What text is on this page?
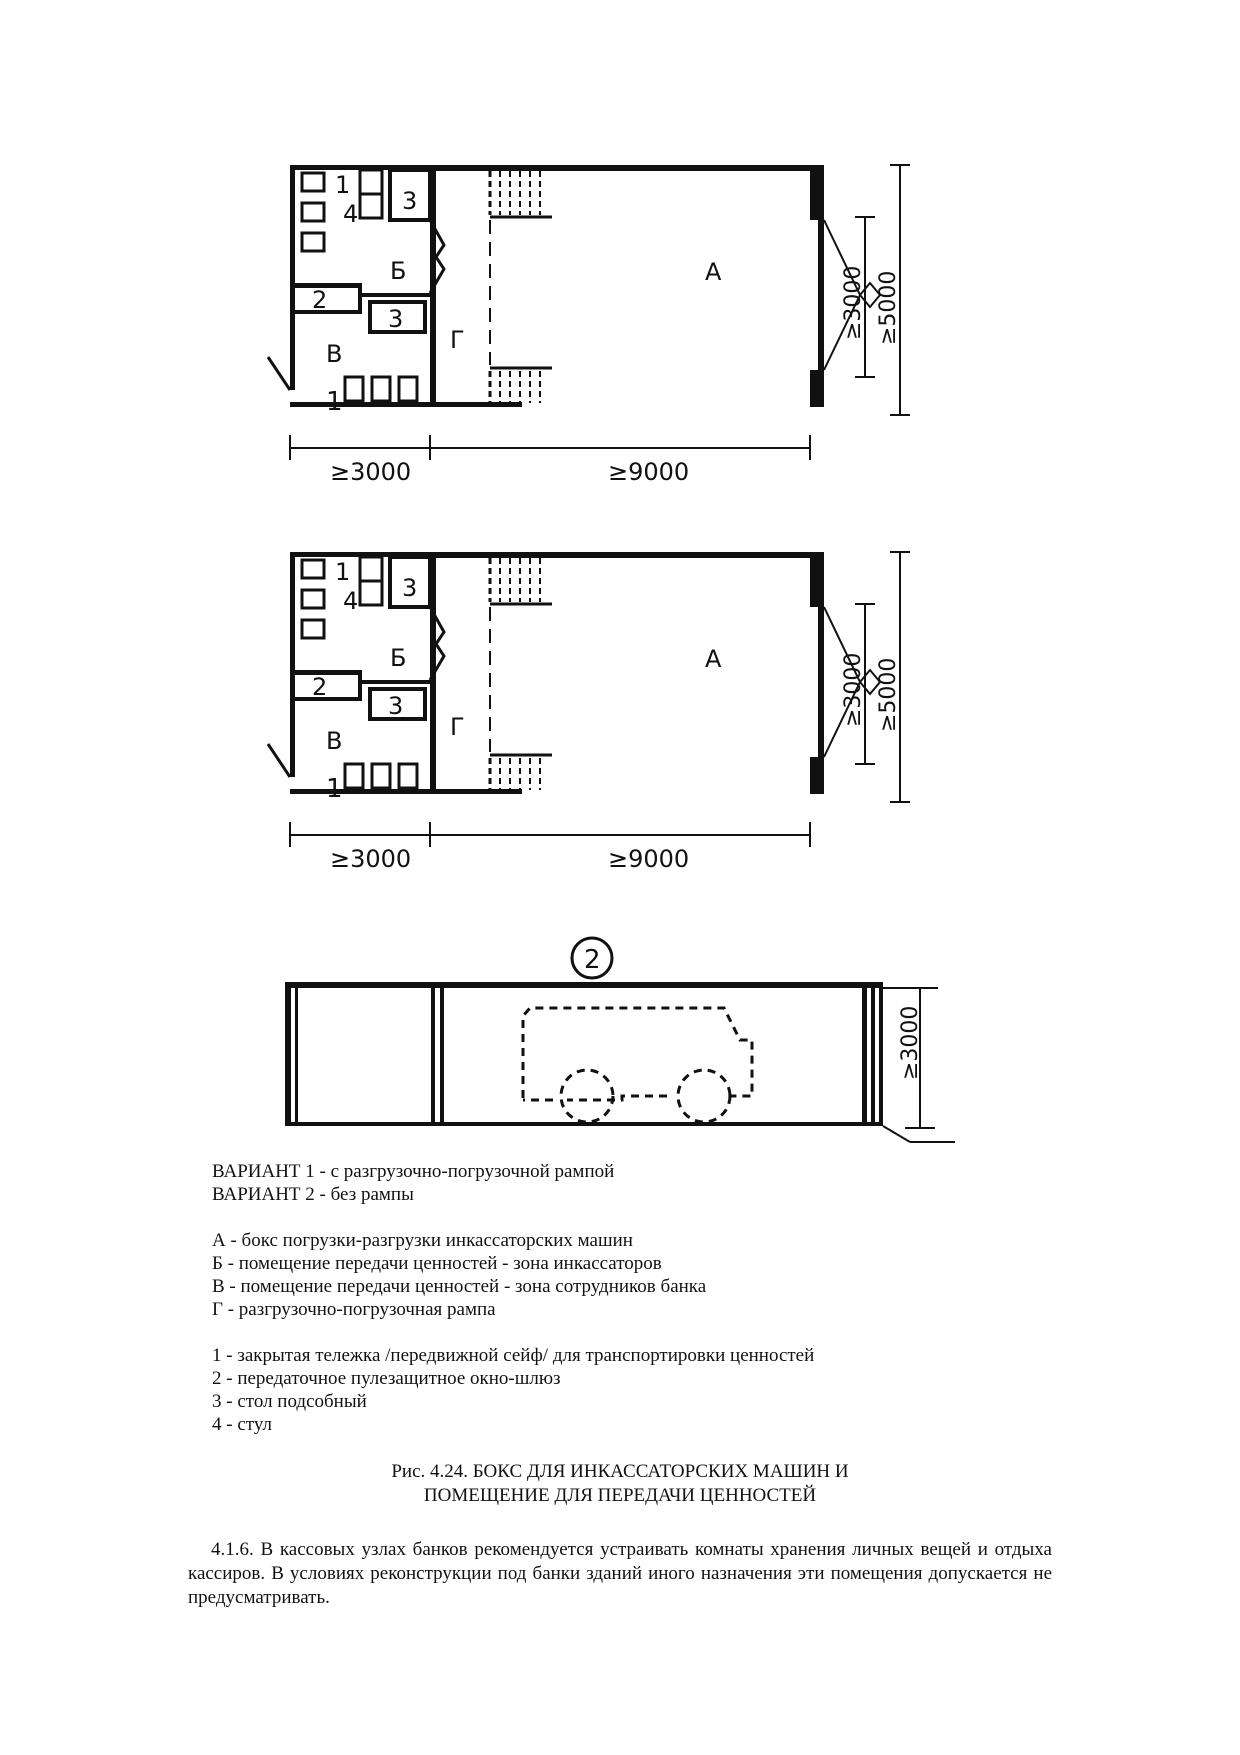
1
4 3
Б
2
3
В
1
Г
А
≥3000	≥9000
≥3000 ≥5000
1
4 3
Б
2
3
В
1
Г
А
≥3000	≥9000
≥3000 ≥5000
2
≥3000
ВАРИАНТ 1 - с разгрузочно-погрузочной рампой
ВАРИАНТ 2 - без рампы
А - бокс погрузки-разгрузки инкассаторских машин
Б - помещение передачи ценностей - зона инкассаторов
В - помещение передачи ценностей - зона сотрудников банка
Г - разгрузочно-погрузочная рампа
1 - закрытая тележка /передвижной сейф/ для транспортировки ценностей
2 - передаточное пулезащитное окно-шлюз
3 - стол подсобный
4 - стул
Рис. 4.24. БОКС ДЛЯ ИНКАССАТОРСКИХ МАШИН И
ПОМЕЩЕНИЕ ДЛЯ ПЕРЕДАЧИ ЦЕННОСТЕЙ
4.1.6. В кассовых узлах банков рекомендуется устраивать комнаты хранения личных вещей и отдыха кассиров. В условиях реконструкции под банки зданий иного назначения эти помещения допускается не предусматривать.
